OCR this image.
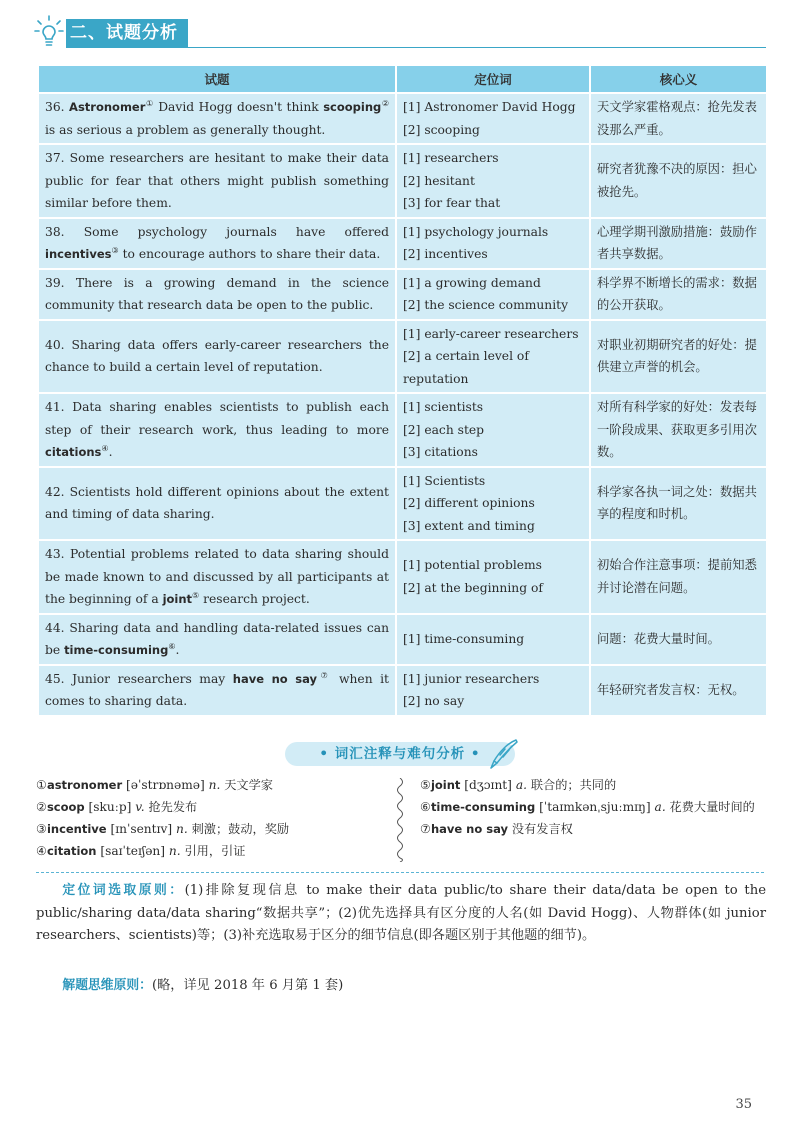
二、试题分析
试题	定位词	核心义
36. Astronomer① David Hogg doesn't think scooping② is as serious a problem as generally thought.	[1] Astronomer David Hogg
[2] scooping	天文学家霍格观点：抢先发表没那么严重。
37. Some researchers are hesitant to make their data public for fear that others might publish something similar before them.	[1] researchers
[2] hesitant
[3] for fear that	研究者犹豫不决的原因：担心被抢先。
38. Some psychology journals have offered incentives③ to encourage authors to share their data.	[1] psychology journals
[2] incentives	心理学期刊激励措施：鼓励作者共享数据。
39. There is a growing demand in the science community that research data be open to the public.	[1] a growing demand
[2] the science community	科学界不断增长的需求：数据的公开获取。
40. Sharing data offers early-career researchers the chance to build a certain level of reputation.	[1] early-career researchers
[2] a certain level of
reputation	对职业初期研究者的好处：提供建立声誉的机会。
41. Data sharing enables scientists to publish each step of their research work, thus leading to more citations④.	[1] scientists
[2] each step
[3] citations	对所有科学家的好处：发表每一阶段成果、获取更多引用次数。
42. Scientists hold different opinions about the extent and timing of data sharing.	[1] Scientists
[2] different opinions
[3] extent and timing	科学家各执一词之处：数据共享的程度和时机。
43. Potential problems related to data sharing should be made known to and discussed by all participants at the beginning of a joint⑤ research project.	[1] potential problems
[2] at the beginning of	初始合作注意事项：提前知悉并讨论潜在问题。
44. Sharing data and handling data-related issues can be time-consuming⑥.	[1] time-consuming	问题：花费大量时间。
45. Junior researchers may have no say⑦ when it comes to sharing data.	[1] junior researchers
[2] no say	年轻研究者发言权：无权。
• 词汇注释与难句分析 •
①astronomer [əˈstrɒnəmə] n. 天文学家
②scoop [skuːp] v. 抢先发布
③incentive [ɪnˈsentɪv] n. 刺激；鼓动，奖励
④citation [saɪˈteɪʃən] n. 引用，引证
⑤joint [dʒɔɪnt] a. 联合的；共同的
⑥time-consuming [ˈtaɪmkənˌsjuːmɪŋ] a. 花费大量时间的
⑦have no say 没有发言权
定位词选取原则：(1)排除复现信息 to make their data public/to share their data/data be open to the public/sharing data/data sharing“数据共享”；(2)优先选择具有区分度的人名(如 David Hogg)、人物群体(如 junior researchers、scientists)等；(3)补充选取易于区分的细节信息(即各题区别于其他题的细节)。
解题思维原则：(略，详见 2018 年 6 月第 1 套)
35
